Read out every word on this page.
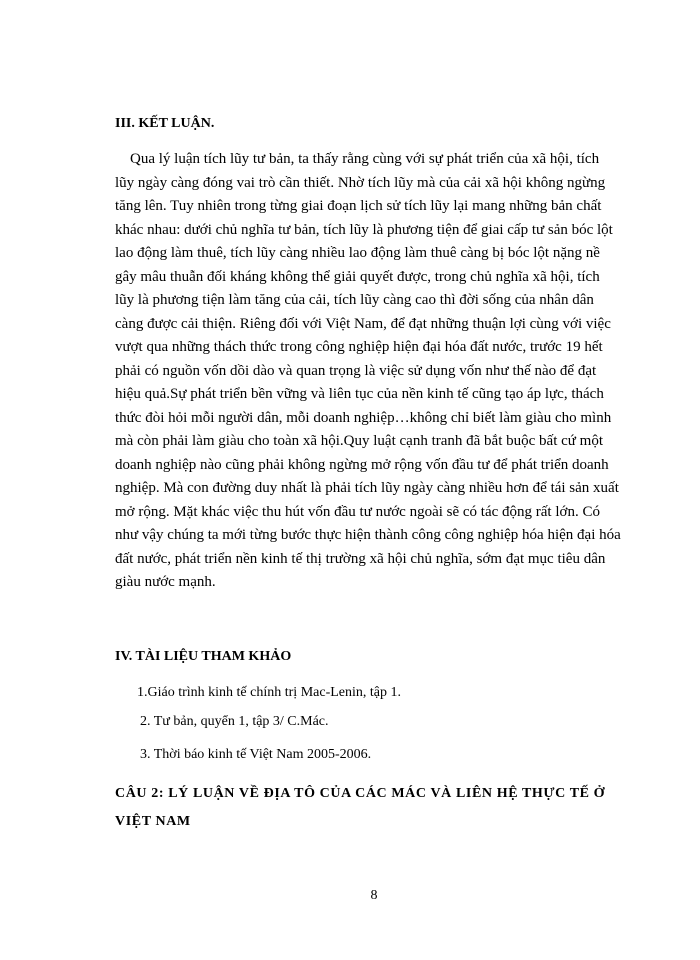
III. KẾT LUẬN.
Qua lý luận tích lũy tư bản, ta thấy rằng cùng với sự phát triển của xã hội, tích
lũy ngày càng đóng vai trò cần thiết. Nhờ tích lũy mà của cải xã hội không ngừng
tăng lên. Tuy nhiên trong từng giai đoạn lịch sử tích lũy lại mang những bản chất
khác nhau: dưới chủ nghĩa tư bản, tích lũy là phương tiện để giai cấp tư sản bóc lột
lao động làm thuê, tích lũy càng nhiều lao động làm thuê càng bị bóc lột nặng nề
gây mâu thuẫn đối kháng không thể giải quyết được, trong chủ nghĩa xã hội, tích
lũy là phương tiện làm tăng của cải, tích lũy càng cao thì đời sống của nhân dân
càng được cải thiện. Riêng đối với Việt Nam, để đạt những thuận lợi cùng với việc
vượt qua những thách thức trong công nghiệp hiện đại hóa đất nước, trước 19 hết
phải có nguồn vốn dồi dào và quan trọng là việc sử dụng vốn như thế nào để đạt
hiệu quả.Sự phát triển bền vững và liên tục của nền kinh tế cũng tạo áp lực, thách
thức đòi hỏi mỗi người dân, mỗi doanh nghiệp…không chỉ biết làm giàu cho mình
mà còn phải làm giàu cho toàn xã hội.Quy luật cạnh tranh đã bắt buộc bất cứ một
doanh nghiệp nào cũng phải không ngừng mở rộng vốn đầu tư để phát triển doanh
nghiệp. Mà con đường duy nhất là phải tích lũy ngày càng nhiều hơn để tái sản xuất
mở rộng. Mặt khác việc thu hút vốn đầu tư nước ngoài sẽ có tác động rất lớn. Có
như vậy chúng ta mới từng bước thực hiện thành công công nghiệp hóa hiện đại hóa
đất nước, phát triển nền kinh tế thị trường xã hội chủ nghĩa, sớm đạt mục tiêu dân
giàu nước mạnh.
IV. TÀI LIỆU THAM KHẢO

1.Giáo trình kinh tế chính trị Mac-Lenin, tập 1.

2. Tư bản, quyển 1, tập 3/ C.Mác.

3. Thời báo kinh tế Việt Nam 2005-2006.

CÂU 2: LÝ LUẬN VỀ ĐỊA TÔ CỦA CÁC MÁC VÀ LIÊN HỆ THỰC TẾ Ở
VIỆT NAM

8
